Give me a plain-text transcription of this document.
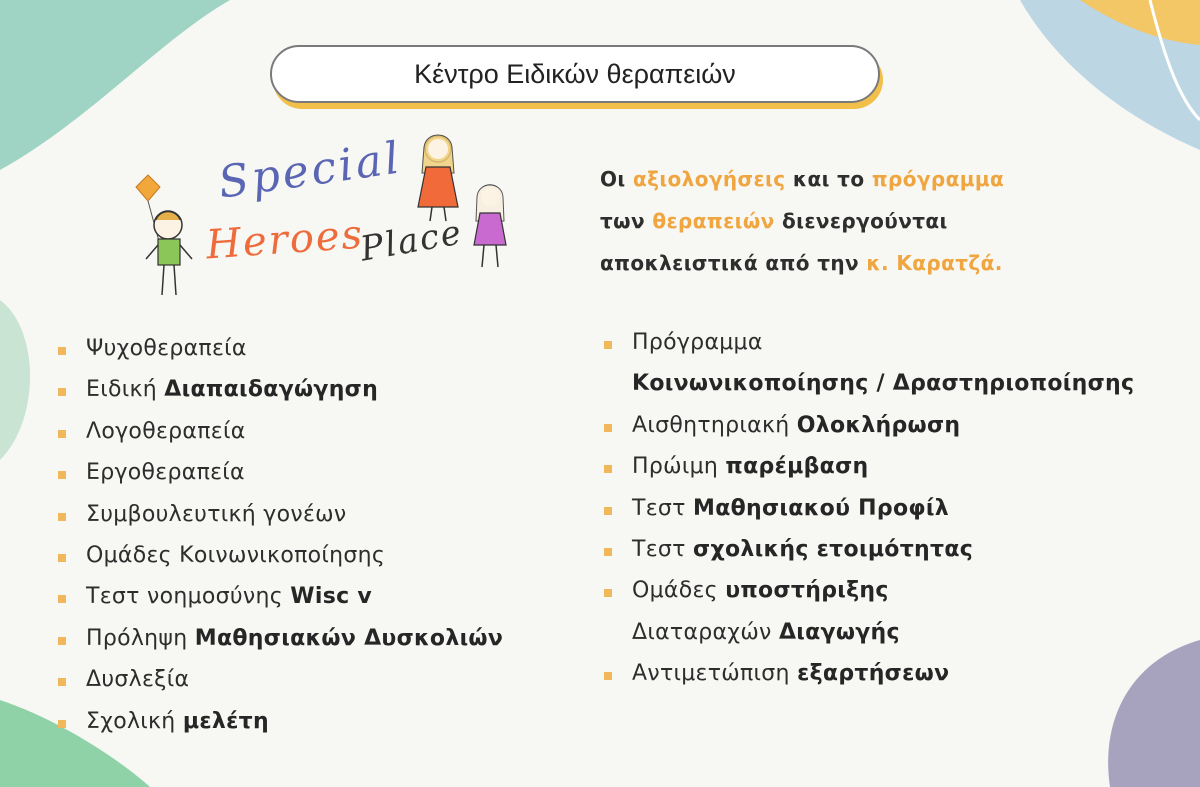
Κέντρο Ειδικών θεραπειών
Special
Heroes
Place
Οι αξιολογήσεις και το πρόγραμμα
των θεραπειών διενεργούνται
αποκλειστικά από την κ. Καρατζά.
Ψυχοθεραπεία
Ειδική Διαπαιδαγώγηση
Λογοθεραπεία
Εργοθεραπεία
Συμβουλευτική γονέων
Ομάδες Κοινωνικοποίησης
Τεστ νοημοσύνης Wisc v
Πρόληψη Μαθησιακών Δυσκολιών
Δυσλεξία
Σχολική μελέτη
Πρόγραμμα
Κοινωνικοποίησης / Δραστηριοποίησης
Αισθητηριακή Ολοκλήρωση
Πρώιμη παρέμβαση
Τεστ Μαθησιακού Προφίλ
Τεστ σχολικής ετοιμότητας
Ομάδες υποστήριξης
Διαταραχών Διαγωγής
Αντιμετώπιση εξαρτήσεων
